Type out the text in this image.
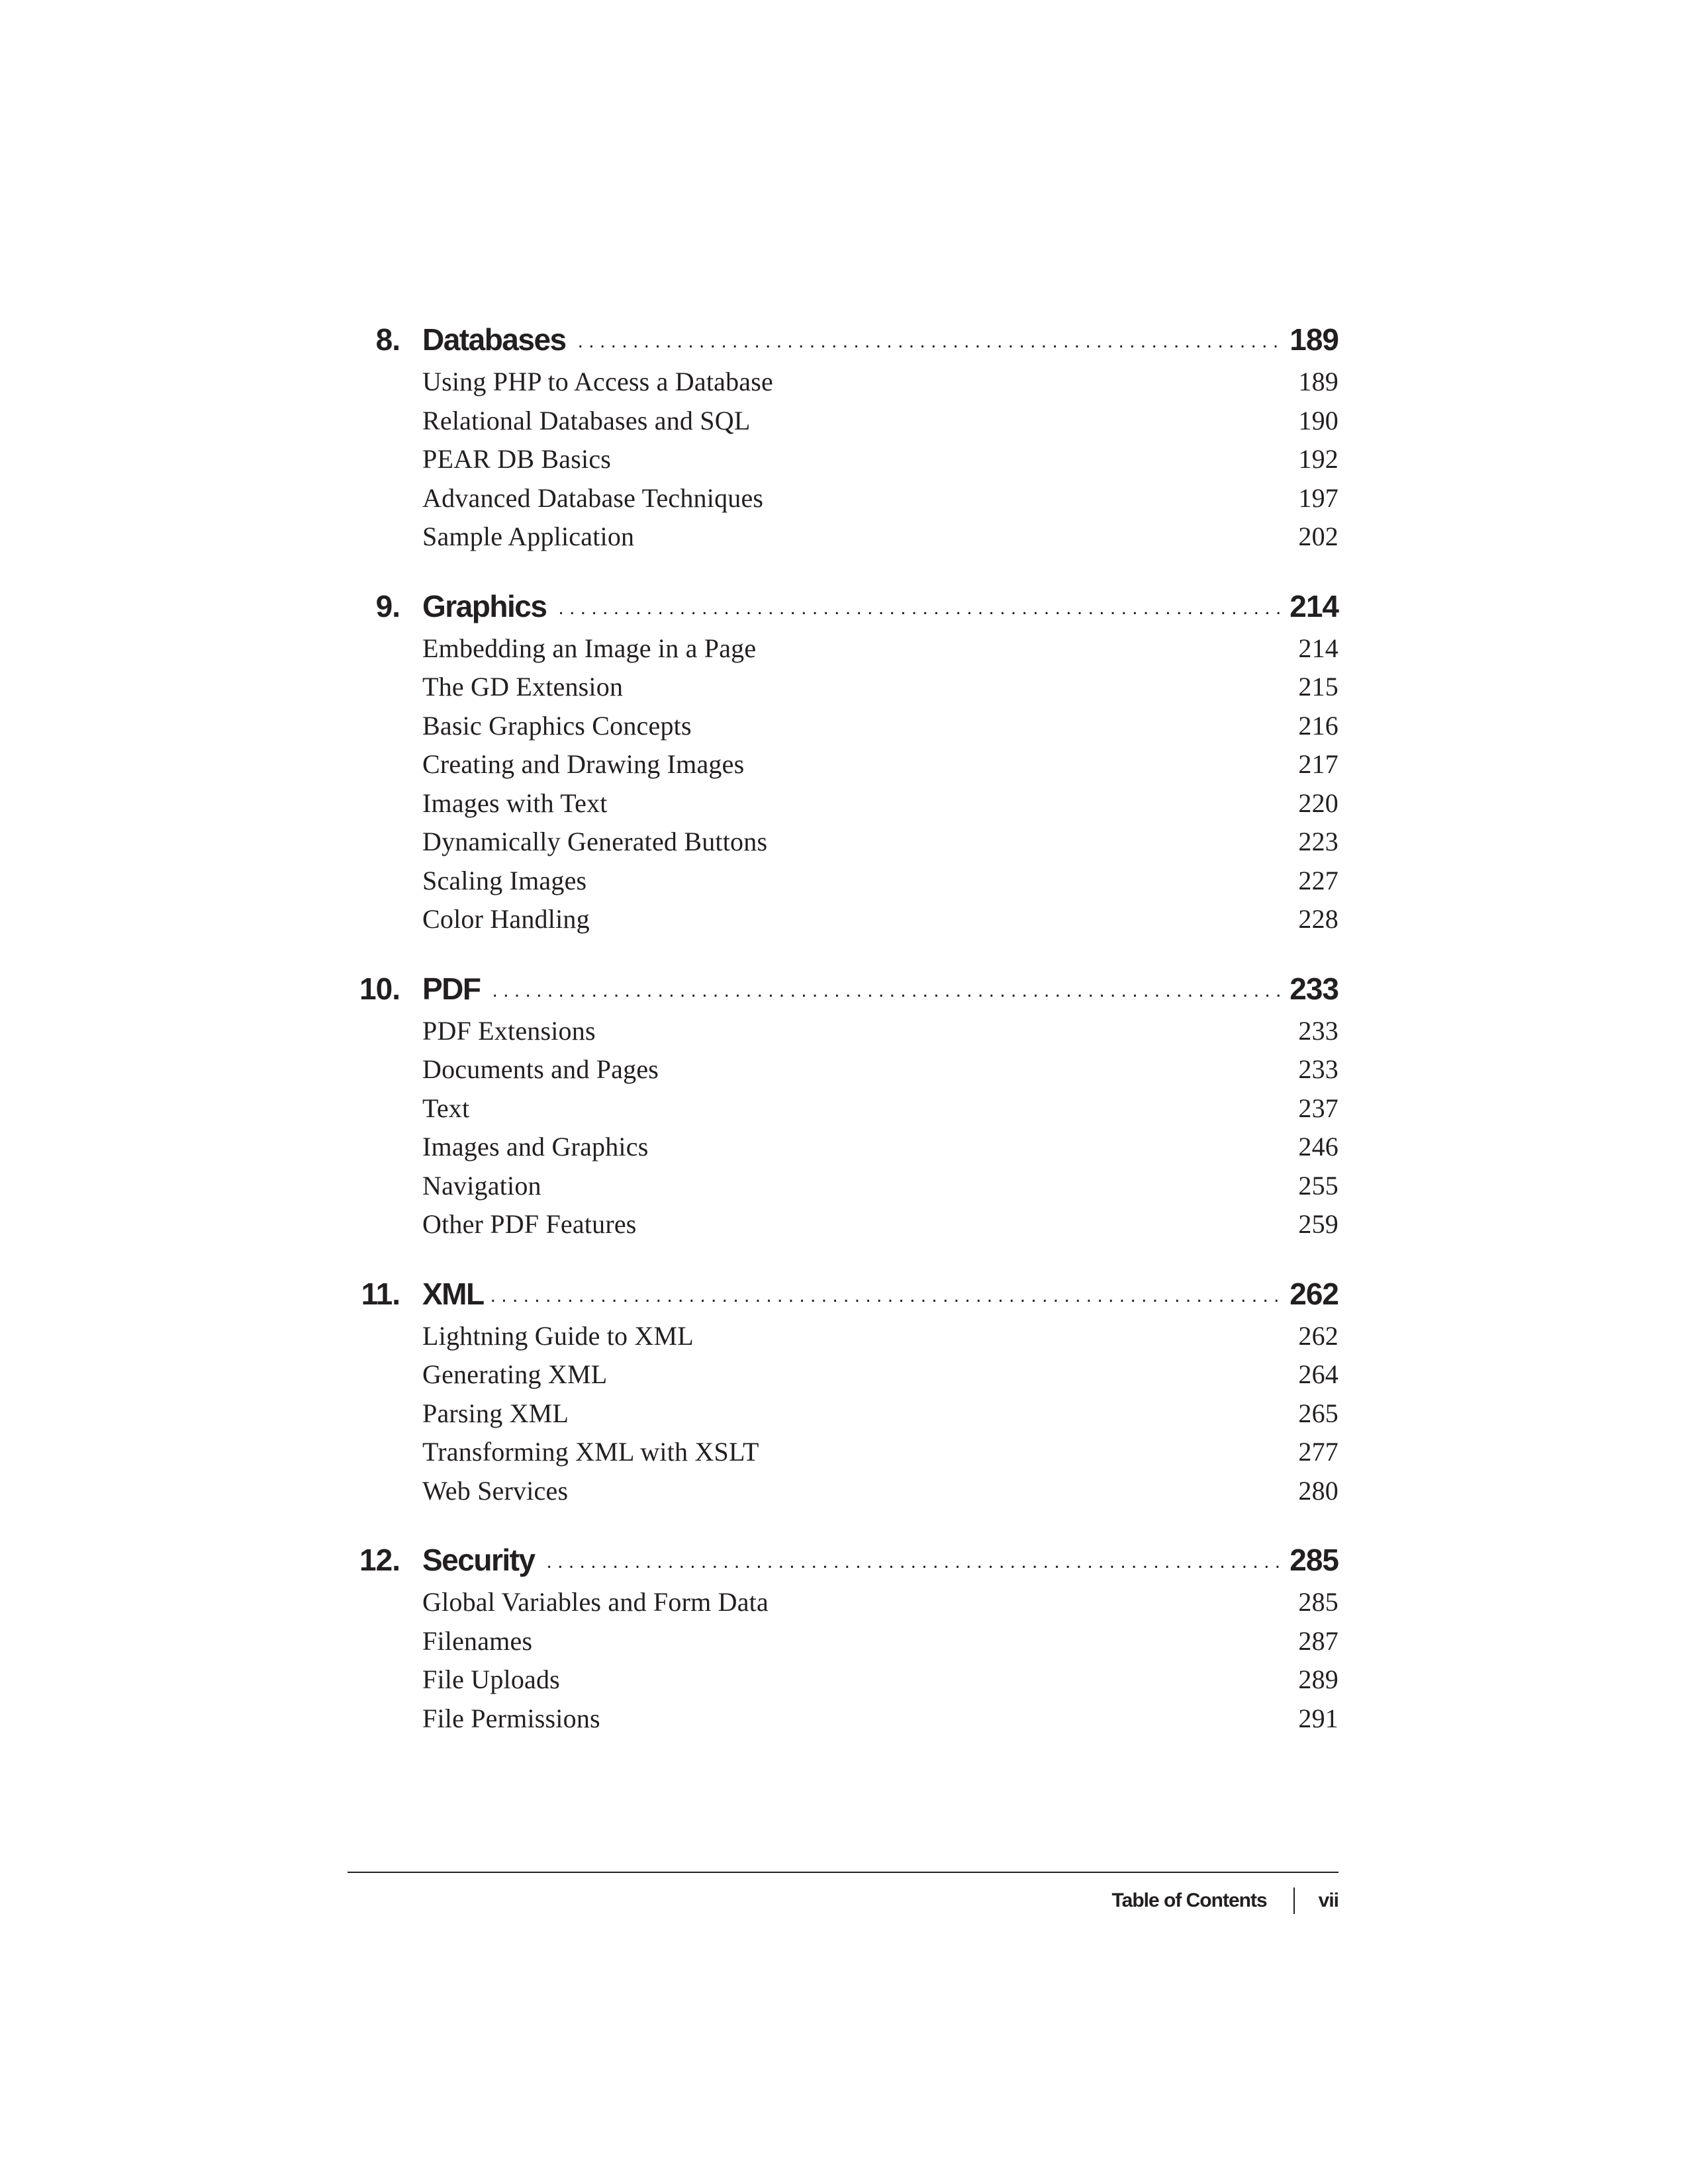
8. Databases . . .	189
Using PHP to Access a Database	189
Relational Databases and SQL	190
PEAR DB Basics	192
Advanced Database Techniques	197
Sample Application	202
9. Graphics . . .	214
Embedding an Image in a Page	214
The GD Extension	215
Basic Graphics Concepts	216
Creating and Drawing Images	217
Images with Text	220
Dynamically Generated Buttons	223
Scaling Images	227
Color Handling	228
10. PDF . . .	233
PDF Extensions	233
Documents and Pages	233
Text	237
Images and Graphics	246
Navigation	255
Other PDF Features	259
11. XML . . .	262
Lightning Guide to XML	262
Generating XML	264
Parsing XML	265
Transforming XML with XSLT	277
Web Services	280
12. Security . . .	285
Global Variables and Form Data	285
Filenames	287
File Uploads	289
File Permissions	291
Table of Contents	vii
